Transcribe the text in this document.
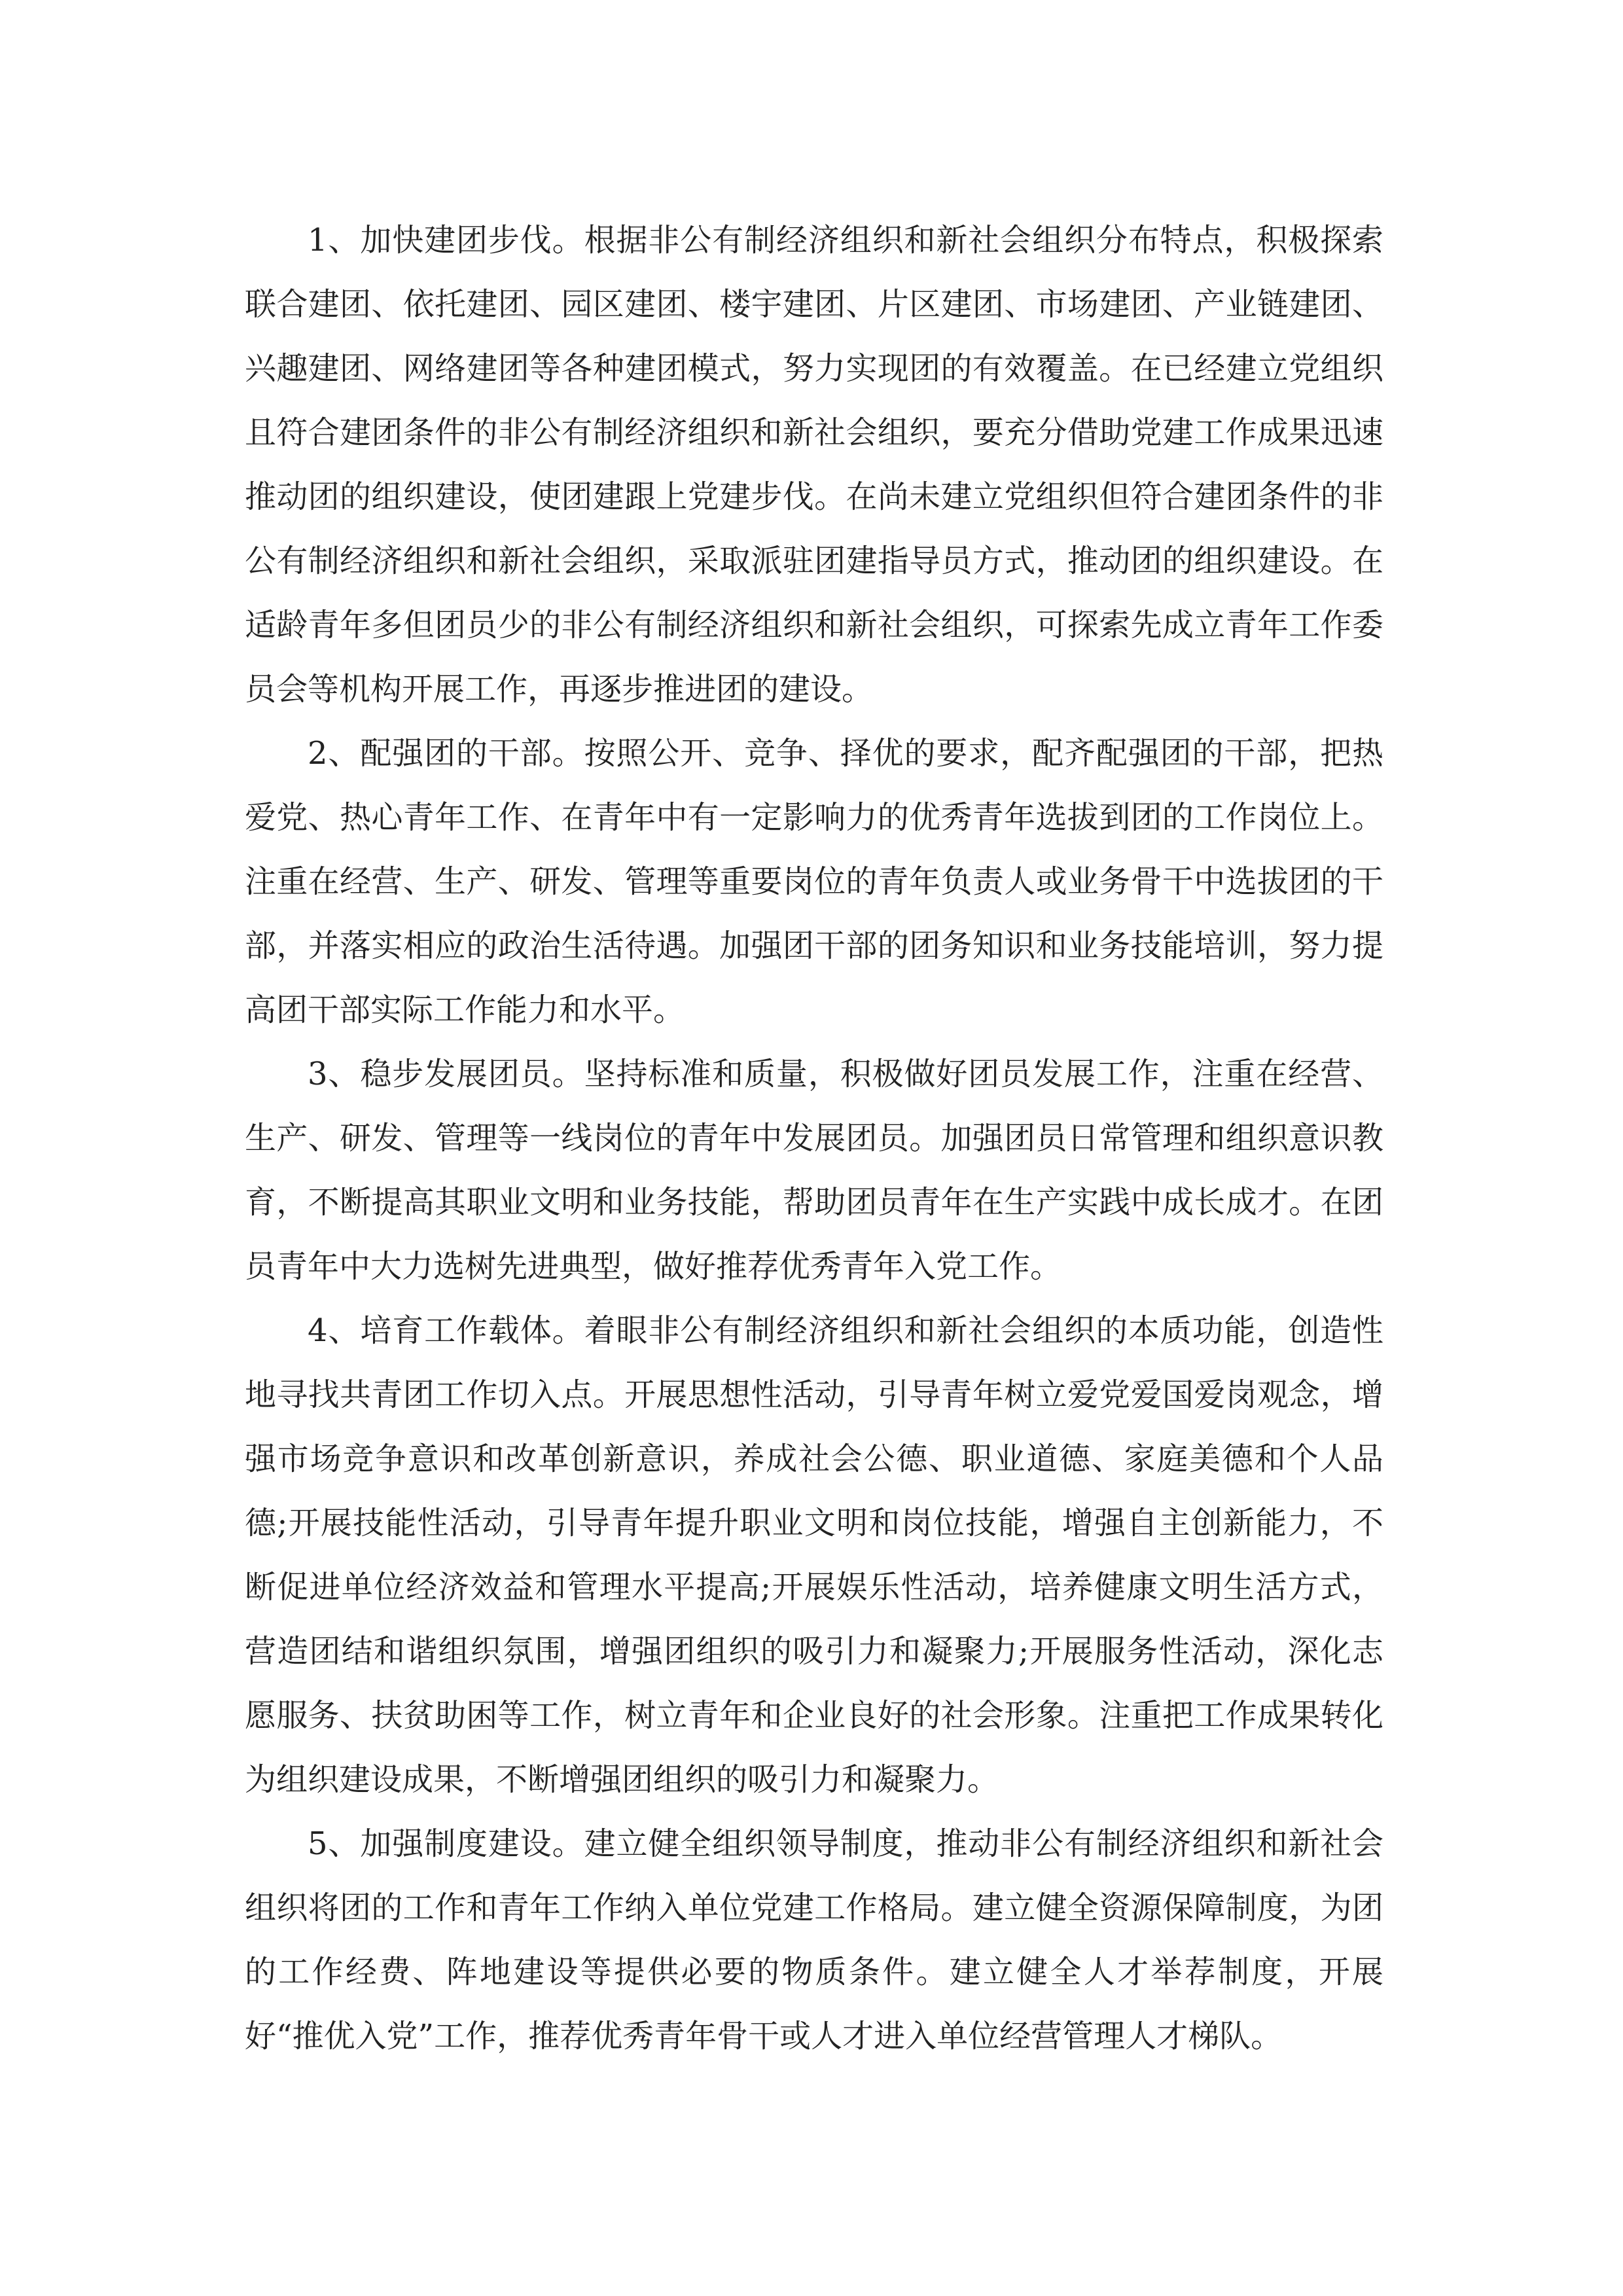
1、加快建团步伐。根据非公有制经济组织和新社会组织分布特点，积极探索联合建团、依托建团、园区建团、楼宇建团、片区建团、市场建团、产业链建团、兴趣建团、网络建团等各种建团模式，努力实现团的有效覆盖。在已经建立党组织且符合建团条件的非公有制经济组织和新社会组织，要充分借助党建工作成果迅速推动团的组织建设，使团建跟上党建步伐。在尚未建立党组织但符合建团条件的非公有制经济组织和新社会组织，采取派驻团建指导员方式，推动团的组织建设。在适龄青年多但团员少的非公有制经济组织和新社会组织，可探索先成立青年工作委员会等机构开展工作，再逐步推进团的建设。

2、配强团的干部。按照公开、竞争、择优的要求，配齐配强团的干部，把热爱党、热心青年工作、在青年中有一定影响力的优秀青年选拔到团的工作岗位上。注重在经营、生产、研发、管理等重要岗位的青年负责人或业务骨干中选拔团的干部，并落实相应的政治生活待遇。加强团干部的团务知识和业务技能培训，努力提高团干部实际工作能力和水平。

3、稳步发展团员。坚持标准和质量，积极做好团员发展工作，注重在经营、生产、研发、管理等一线岗位的青年中发展团员。加强团员日常管理和组织意识教育，不断提高其职业文明和业务技能，帮助团员青年在生产实践中成长成才。在团员青年中大力选树先进典型，做好推荐优秀青年入党工作。

4、培育工作载体。着眼非公有制经济组织和新社会组织的本质功能，创造性地寻找共青团工作切入点。开展思想性活动，引导青年树立爱党爱国爱岗观念，增强市场竞争意识和改革创新意识，养成社会公德、职业道德、家庭美德和个人品德;开展技能性活动，引导青年提升职业文明和岗位技能，增强自主创新能力，不断促进单位经济效益和管理水平提高;开展娱乐性活动，培养健康文明生活方式，营造团结和谐组织氛围，增强团组织的吸引力和凝聚力;开展服务性活动，深化志愿服务、扶贫助困等工作，树立青年和企业良好的社会形象。注重把工作成果转化为组织建设成果，不断增强团组织的吸引力和凝聚力。

5、加强制度建设。建立健全组织领导制度，推动非公有制经济组织和新社会组织将团的工作和青年工作纳入单位党建工作格局。建立健全资源保障制度，为团的工作经费、阵地建设等提供必要的物质条件。建立健全人才举荐制度，开展好“推优入党”工作，推荐优秀青年骨干或人才进入单位经营管理人才梯队。
